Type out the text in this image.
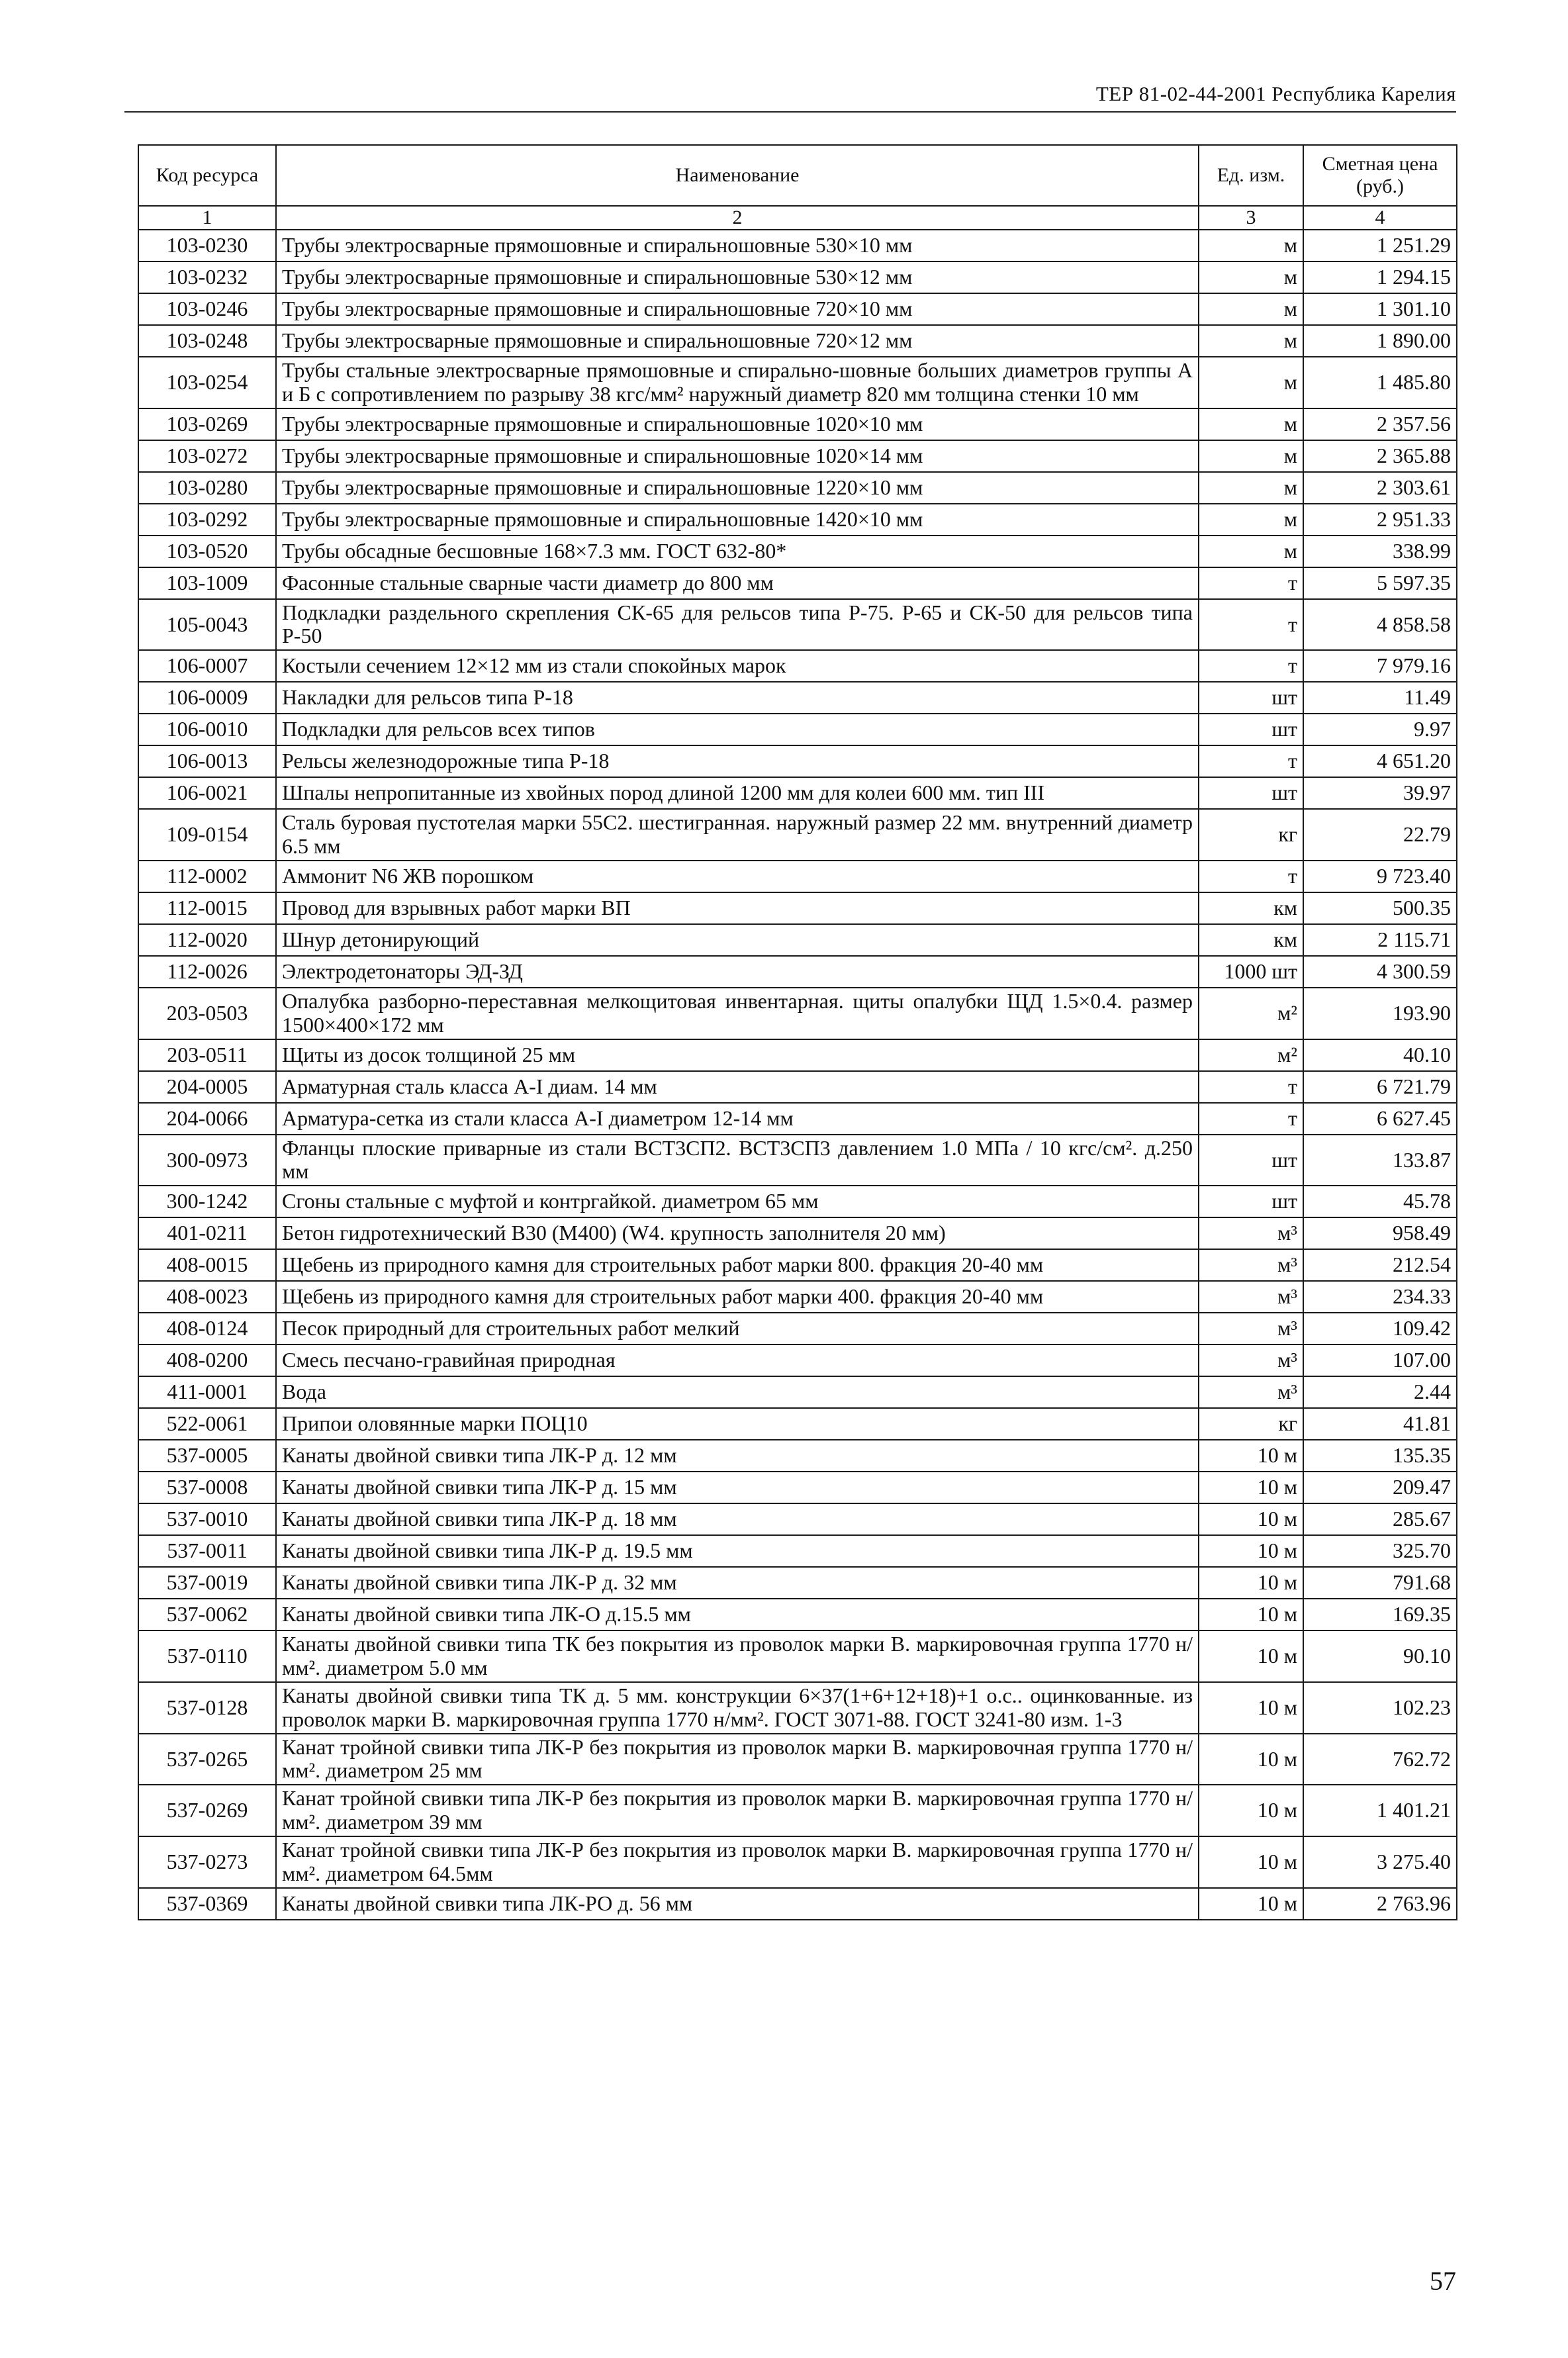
ТЕР 81-02-44-2001 Республика Карелия
Код ресурса	Наименование	Ед. изм.	Сметная цена (руб.)
1	2	3	4
103-0230	Трубы электросварные прямошовные и спиральношовные 530×10 мм	м	1 251.29
103-0232	Трубы электросварные прямошовные и спиральношовные 530×12 мм	м	1 294.15
103-0246	Трубы электросварные прямошовные и спиральношовные 720×10 мм	м	1 301.10
103-0248	Трубы электросварные прямошовные и спиральношовные 720×12 мм	м	1 890.00
103-0254	Трубы стальные электросварные прямошовные и спирально-шовные больших диаметров группы А и Б с сопротивлением по разрыву 38 кгс/мм² наружный диаметр 820 мм толщина стенки 10 мм	м	1 485.80
103-0269	Трубы электросварные прямошовные и спиральношовные 1020×10 мм	м	2 357.56
103-0272	Трубы электросварные прямошовные и спиральношовные 1020×14 мм	м	2 365.88
103-0280	Трубы электросварные прямошовные и спиральношовные 1220×10 мм	м	2 303.61
103-0292	Трубы электросварные прямошовные и спиральношовные 1420×10 мм	м	2 951.33
103-0520	Трубы обсадные бесшовные 168×7.3 мм. ГОСТ 632-80*	м	338.99
103-1009	Фасонные стальные сварные части диаметр до 800 мм	т	5 597.35
105-0043	Подкладки раздельного скрепления СК-65 для рельсов типа Р-75. Р-65 и СК-50 для рельсов типа Р-50	т	4 858.58
106-0007	Костыли сечением 12×12 мм из стали спокойных марок	т	7 979.16
106-0009	Накладки для рельсов типа Р-18	шт	11.49
106-0010	Подкладки для рельсов всех типов	шт	9.97
106-0013	Рельсы железнодорожные типа Р-18	т	4 651.20
106-0021	Шпалы непропитанные из хвойных пород длиной 1200 мм для колеи 600 мм. тип III	шт	39.97
109-0154	Сталь буровая пустотелая марки 55С2. шестигранная. наружный размер 22 мм. внутренний диаметр 6.5 мм	кг	22.79
112-0002	Аммонит N6 ЖВ порошком	т	9 723.40
112-0015	Провод для взрывных работ марки ВП	км	500.35
112-0020	Шнур детонирующий	км	2 115.71
112-0026	Электродетонаторы ЭД-ЗД	1000 шт	4 300.59
203-0503	Опалубка разборно-переставная мелкощитовая инвентарная. щиты опалубки ЩД 1.5×0.4. размер 1500×400×172 мм	м²	193.90
203-0511	Щиты из досок толщиной 25 мм	м²	40.10
204-0005	Арматурная сталь класса А-I диам. 14 мм	т	6 721.79
204-0066	Арматура-сетка из стали класса А-I диаметром 12-14 мм	т	6 627.45
300-0973	Фланцы плоские приварные из стали ВСТ3СП2. ВСТ3СП3 давлением 1.0 МПа / 10 кгс/см². д.250 мм	шт	133.87
300-1242	Сгоны стальные с муфтой и контргайкой. диаметром 65 мм	шт	45.78
401-0211	Бетон гидротехнический В30 (М400) (W4. крупность заполнителя 20 мм)	м³	958.49
408-0015	Щебень из природного камня для строительных работ марки 800. фракция 20-40 мм	м³	212.54
408-0023	Щебень из природного камня для строительных работ марки 400. фракция 20-40 мм	м³	234.33
408-0124	Песок природный для строительных работ мелкий	м³	109.42
408-0200	Смесь песчано-гравийная природная	м³	107.00
411-0001	Вода	м³	2.44
522-0061	Припои оловянные марки ПОЦ10	кг	41.81
537-0005	Канаты двойной свивки типа ЛК-Р д. 12 мм	10 м	135.35
537-0008	Канаты двойной свивки типа ЛК-Р д. 15 мм	10 м	209.47
537-0010	Канаты двойной свивки типа ЛК-Р д. 18 мм	10 м	285.67
537-0011	Канаты двойной свивки типа ЛК-Р д. 19.5 мм	10 м	325.70
537-0019	Канаты двойной свивки типа ЛК-Р д. 32 мм	10 м	791.68
537-0062	Канаты двойной свивки типа ЛК-О д.15.5 мм	10 м	169.35
537-0110	Канаты двойной свивки типа ТК без покрытия из проволок марки В. маркировочная группа 1770 н/мм². диаметром 5.0 мм	10 м	90.10
537-0128	Канаты двойной свивки типа ТК д. 5 мм. конструкции 6×37(1+6+12+18)+1 о.с.. оцинкованные. из проволок марки В. маркировочная группа 1770 н/мм². ГОСТ 3071-88. ГОСТ 3241-80 изм. 1-3	10 м	102.23
537-0265	Канат тройной свивки типа ЛК-Р без покрытия из проволок марки В. маркировочная группа 1770 н/мм². диаметром 25 мм	10 м	762.72
537-0269	Канат тройной свивки типа ЛК-Р без покрытия из проволок марки В. маркировочная группа 1770 н/мм². диаметром 39 мм	10 м	1 401.21
537-0273	Канат тройной свивки типа ЛК-Р без покрытия из проволок марки В. маркировочная группа 1770 н/мм². диаметром 64.5мм	10 м	3 275.40
537-0369	Канаты двойной свивки типа ЛК-РО д. 56 мм	10 м	2 763.96
57
